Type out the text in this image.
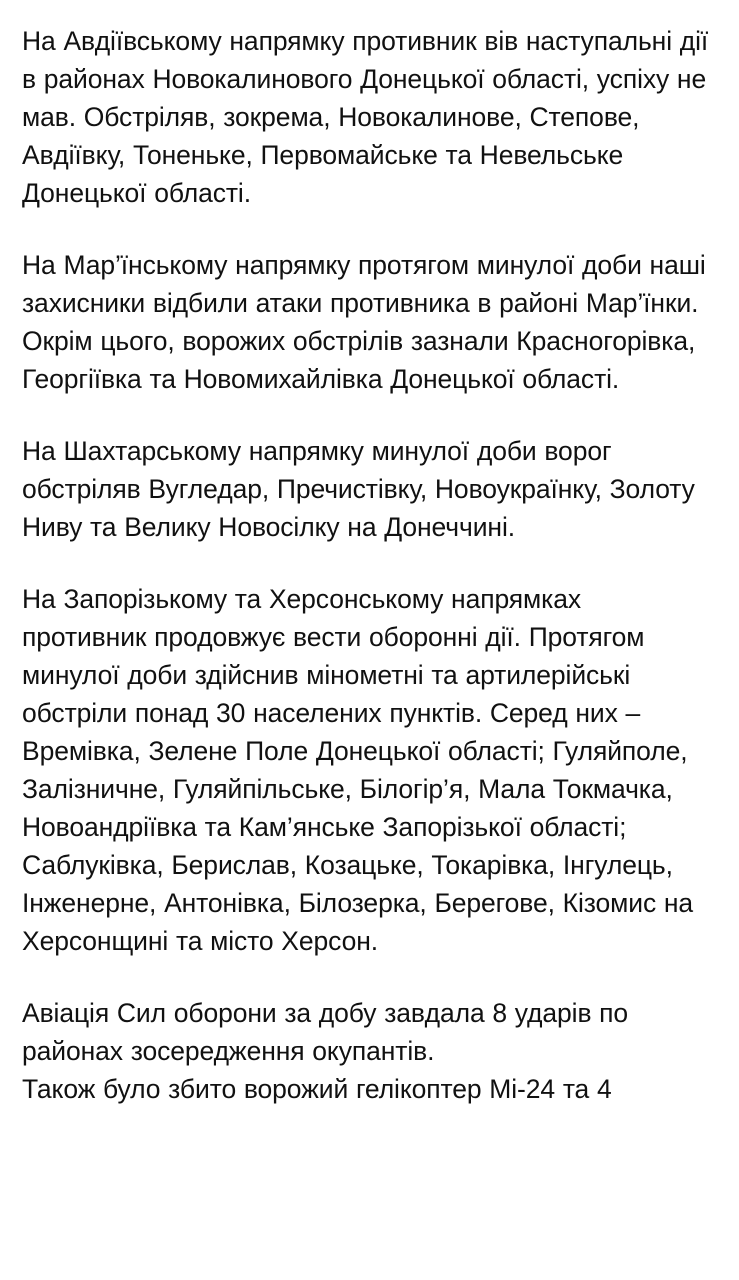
На Авдіївському напрямку противник вів наступальні дії в районах Новокалинового Донецької області, успіху не мав. Обстріляв, зокрема, Новокалинове, Степове, Авдіївку, Тоненьке, Первомайське та Невельське Донецької області.

На Мар’їнському напрямку протягом минулої доби наші захисники відбили атаки противника в районі Мар’їнки. Окрім цього, ворожих обстрілів зазнали Красногорівка, Георгіївка та Новомихайлівка Донецької області.

На Шахтарському напрямку минулої доби ворог обстріляв Вугледар, Пречистівку, Новоукраїнку, Золоту Ниву та Велику Новосілку на Донеччині.

На Запорізькому та Херсонському напрямках противник продовжує вести оборонні дії. Протягом минулої доби здійснив мінометні та артилерійські обстріли понад 30 населених пунктів. Серед них – Времівка, Зелене Поле Донецької області; Гуляйполе, Залізничне, Гуляйпільське, Білогір’я, Мала Токмачка, Новоандріївка та Кам’янське Запорізької області; Саблуківка, Берислав, Козацьке, Токарівка, Інгулець, Інженерне, Антонівка, Білозерка, Берегове, Кізомис на Херсонщині та місто Херсон.

Авіація Сил оборони за добу завдала 8 ударів по районах зосередження окупантів.

Також було збито ворожий гелікоптер Мі-24 та 4
